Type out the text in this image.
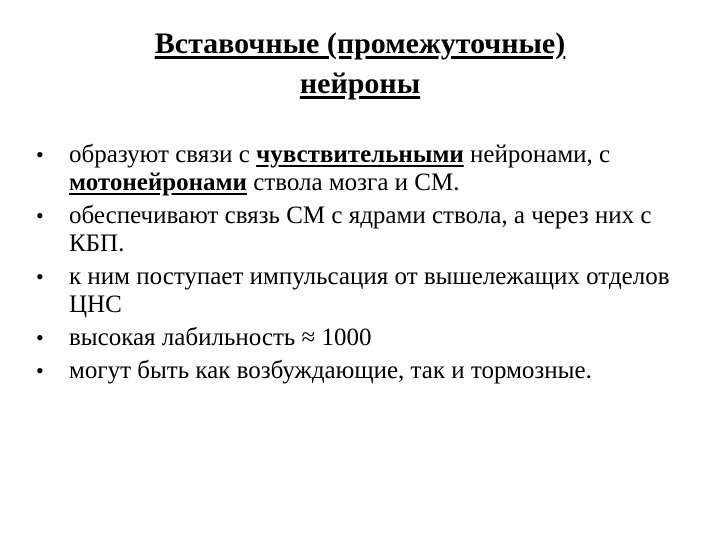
Вставочные (промежуточные)
нейроны
• образуют связи с чувствительными нейронами, с мотонейронами ствола мозга и СМ.
• обеспечивают связь СМ с ядрами ствола, а через них с КБП.
• к ним поступает импульсация от вышележащих отделов ЦНС
• высокая лабильность ≈ 1000
• могут быть как возбуждающие, так и тормозные.
